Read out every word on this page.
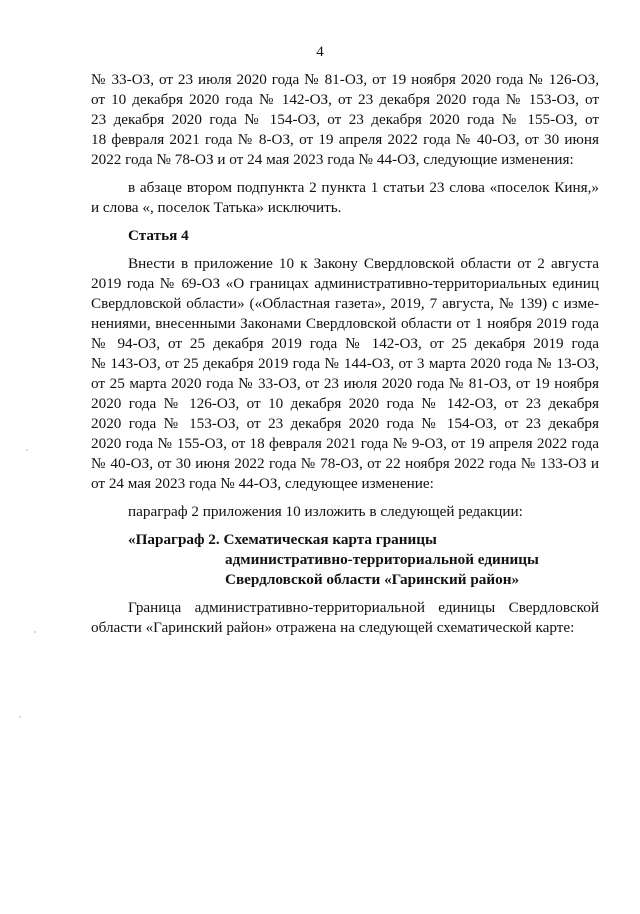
4

№ 33-ОЗ, от 23 июля 2020 года № 81-ОЗ, от 19 ноября 2020 года № 126-ОЗ,

от 10 декабря 2020 года № 142-ОЗ, от 23 декабря 2020 года № 153-ОЗ, от

23 декабря 2020 года № 154-ОЗ, от 23 декабря 2020 года № 155-ОЗ, от

18 февраля 2021 года № 8-ОЗ, от 19 апреля 2022 года № 40-ОЗ, от 30 июня

2022 года № 78-ОЗ и от 24 мая 2023 года № 44-ОЗ, следующие изменения:

в абзаце втором подпункта 2 пункта 1 статьи 23 слова «поселок Киня,»

и слова «, поселок Татька» исключить.

Статья 4

Внести в приложение 10 к Закону Свердловской области от 2 августа

2019 года № 69-ОЗ «О границах административно-территориальных единиц

Свердловской области» («Областная газета», 2019, 7 августа, № 139) с изме-

нениями, внесенными Законами Свердловской области от 1 ноября 2019 года

№ 94-ОЗ, от 25 декабря 2019 года № 142-ОЗ, от 25 декабря 2019 года

№ 143-ОЗ, от 25 декабря 2019 года № 144-ОЗ, от 3 марта 2020 года № 13-ОЗ,

от 25 марта 2020 года № 33-ОЗ, от 23 июля 2020 года № 81-ОЗ, от 19 ноября

2020 года № 126-ОЗ, от 10 декабря 2020 года № 142-ОЗ, от 23 декабря

2020 года № 153-ОЗ, от 23 декабря 2020 года № 154-ОЗ, от 23 декабря

2020 года № 155-ОЗ, от 18 февраля 2021 года № 9-ОЗ, от 19 апреля 2022 года

№ 40-ОЗ, от 30 июня 2022 года № 78-ОЗ, от 22 ноября 2022 года № 133-ОЗ и

от 24 мая 2023 года № 44-ОЗ, следующее изменение:

параграф 2 приложения 10 изложить в следующей редакции:

«Параграф 2. Схематическая карта границы
административно-территориальной единицы
Свердловской области «Гаринский район»

Граница административно-территориальной единицы Свердловской

области «Гаринский район» отражена на следующей схематической карте:
